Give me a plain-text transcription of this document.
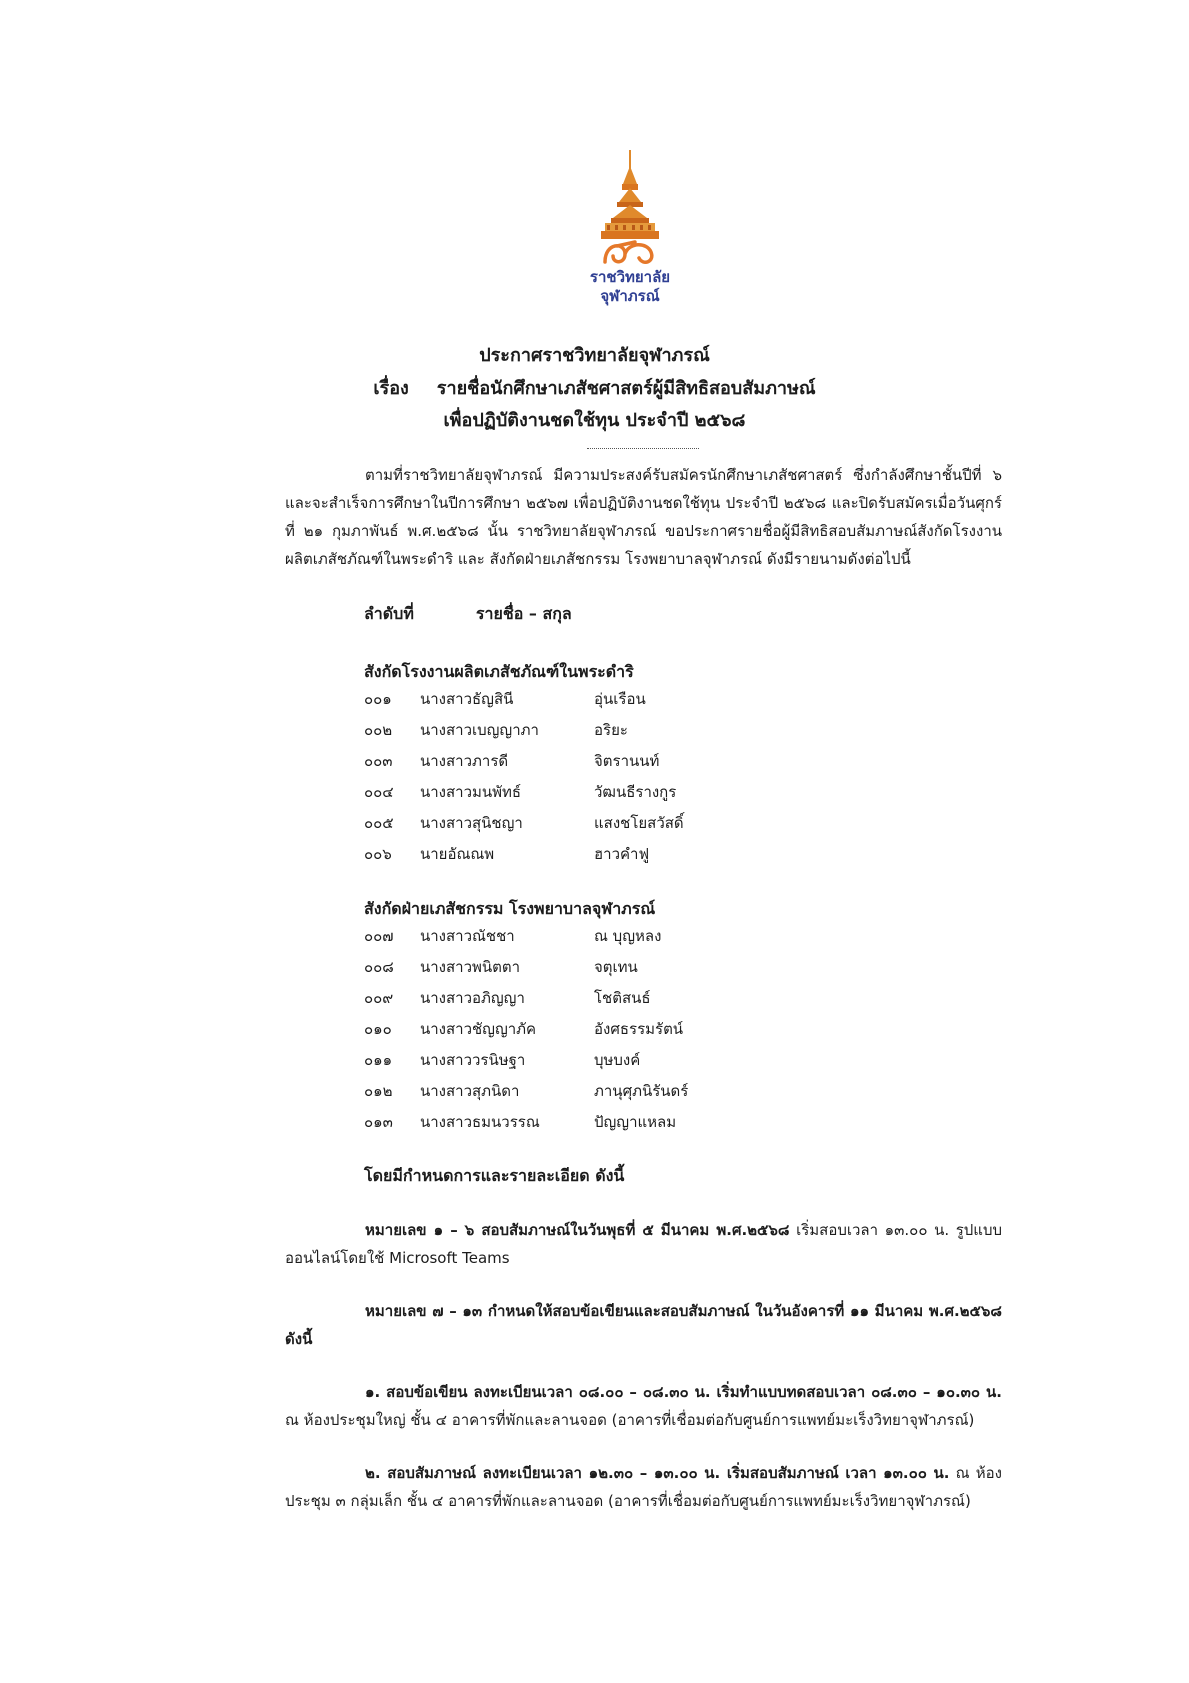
ราชวิทยาลัย
จุฬาภรณ์
ประกาศราชวิทยาลัยจุฬาภรณ์
เรื่อง รายชื่อนักศึกษาเภสัชศาสตร์ผู้มีสิทธิสอบสัมภาษณ์
เพื่อปฏิบัติงานชดใช้ทุน ประจำปี ๒๕๖๘
ตามที่ราชวิทยาลัยจุฬาภรณ์ มีความประสงค์รับสมัครนักศึกษาเภสัชศาสตร์ ซึ่งกำลังศึกษาชั้นปีที่ ๖ และจะสำเร็จการศึกษาในปีการศึกษา ๒๕๖๗ เพื่อปฏิบัติงานชดใช้ทุน ประจำปี ๒๕๖๘ และปิดรับสมัครเมื่อวันศุกร์ที่ ๒๑ กุมภาพันธ์ พ.ศ.๒๕๖๘ นั้น ราชวิทยาลัยจุฬาภรณ์ ขอประกาศรายชื่อผู้มีสิทธิสอบสัมภาษณ์สังกัดโรงงานผลิตเภสัชภัณฑ์ในพระดำริ และ สังกัดฝ่ายเภสัชกรรม โรงพยาบาลจุฬาภรณ์ ดังมีรายนามดังต่อไปนี้
ลำดับที่	รายชื่อ – สกุล
สังกัดโรงงานผลิตเภสัชภัณฑ์ในพระดำริ
๐๐๑ นางสาวธัญสินี	อุ่นเรือน
๐๐๒ นางสาวเบญญาภา	อริยะ
๐๐๓ นางสาวภารดี	จิตรานนท์
๐๐๔ นางสาวมนพัทธ์	วัฒนธีรางกูร
๐๐๕ นางสาวสุนิชญา	แสงชโยสวัสดิ์
๐๐๖ นายอัณณพ	ฮาวคำฟู
สังกัดฝ่ายเภสัชกรรม โรงพยาบาลจุฬาภรณ์
๐๐๗ นางสาวณัชชา	ณ บุญหลง
๐๐๘ นางสาวพนิตตา	จตุเทน
๐๐๙ นางสาวอภิญญา	โชติสนธ์
๐๑๐ นางสาวชัญญาภัค	อังศธรรมรัตน์
๐๑๑ นางสาววรนิษฐา	บุษบงค์
๐๑๒ นางสาวสุภนิดา	ภานุศุภนิรันดร์
๐๑๓ นางสาวธมนวรรณ	ปัญญาแหลม
โดยมีกำหนดการและรายละเอียด ดังนี้
หมายเลข ๑ – ๖ สอบสัมภาษณ์ในวันพุธที่ ๕ มีนาคม พ.ศ.๒๕๖๘ เริ่มสอบเวลา ๑๓.๐๐ น. รูปแบบออนไลน์โดยใช้ Microsoft Teams
หมายเลข ๗ – ๑๓ กำหนดให้สอบข้อเขียนและสอบสัมภาษณ์ ในวันอังคารที่ ๑๑ มีนาคม พ.ศ.๒๕๖๘ ดังนี้
๑. สอบข้อเขียน ลงทะเบียนเวลา ๐๘.๐๐ – ๐๘.๓๐ น. เริ่มทำแบบทดสอบเวลา ๐๘.๓๐ – ๑๐.๓๐ น. ณ ห้องประชุมใหญ่ ชั้น ๔ อาคารที่พักและลานจอด (อาคารที่เชื่อมต่อกับศูนย์การแพทย์มะเร็งวิทยาจุฬาภรณ์)
๒. สอบสัมภาษณ์ ลงทะเบียนเวลา ๑๒.๓๐ – ๑๓.๐๐ น. เริ่มสอบสัมภาษณ์ เวลา ๑๓.๐๐ น. ณ ห้องประชุม ๓ กลุ่มเล็ก ชั้น ๔ อาคารที่พักและลานจอด (อาคารที่เชื่อมต่อกับศูนย์การแพทย์มะเร็งวิทยาจุฬาภรณ์)
